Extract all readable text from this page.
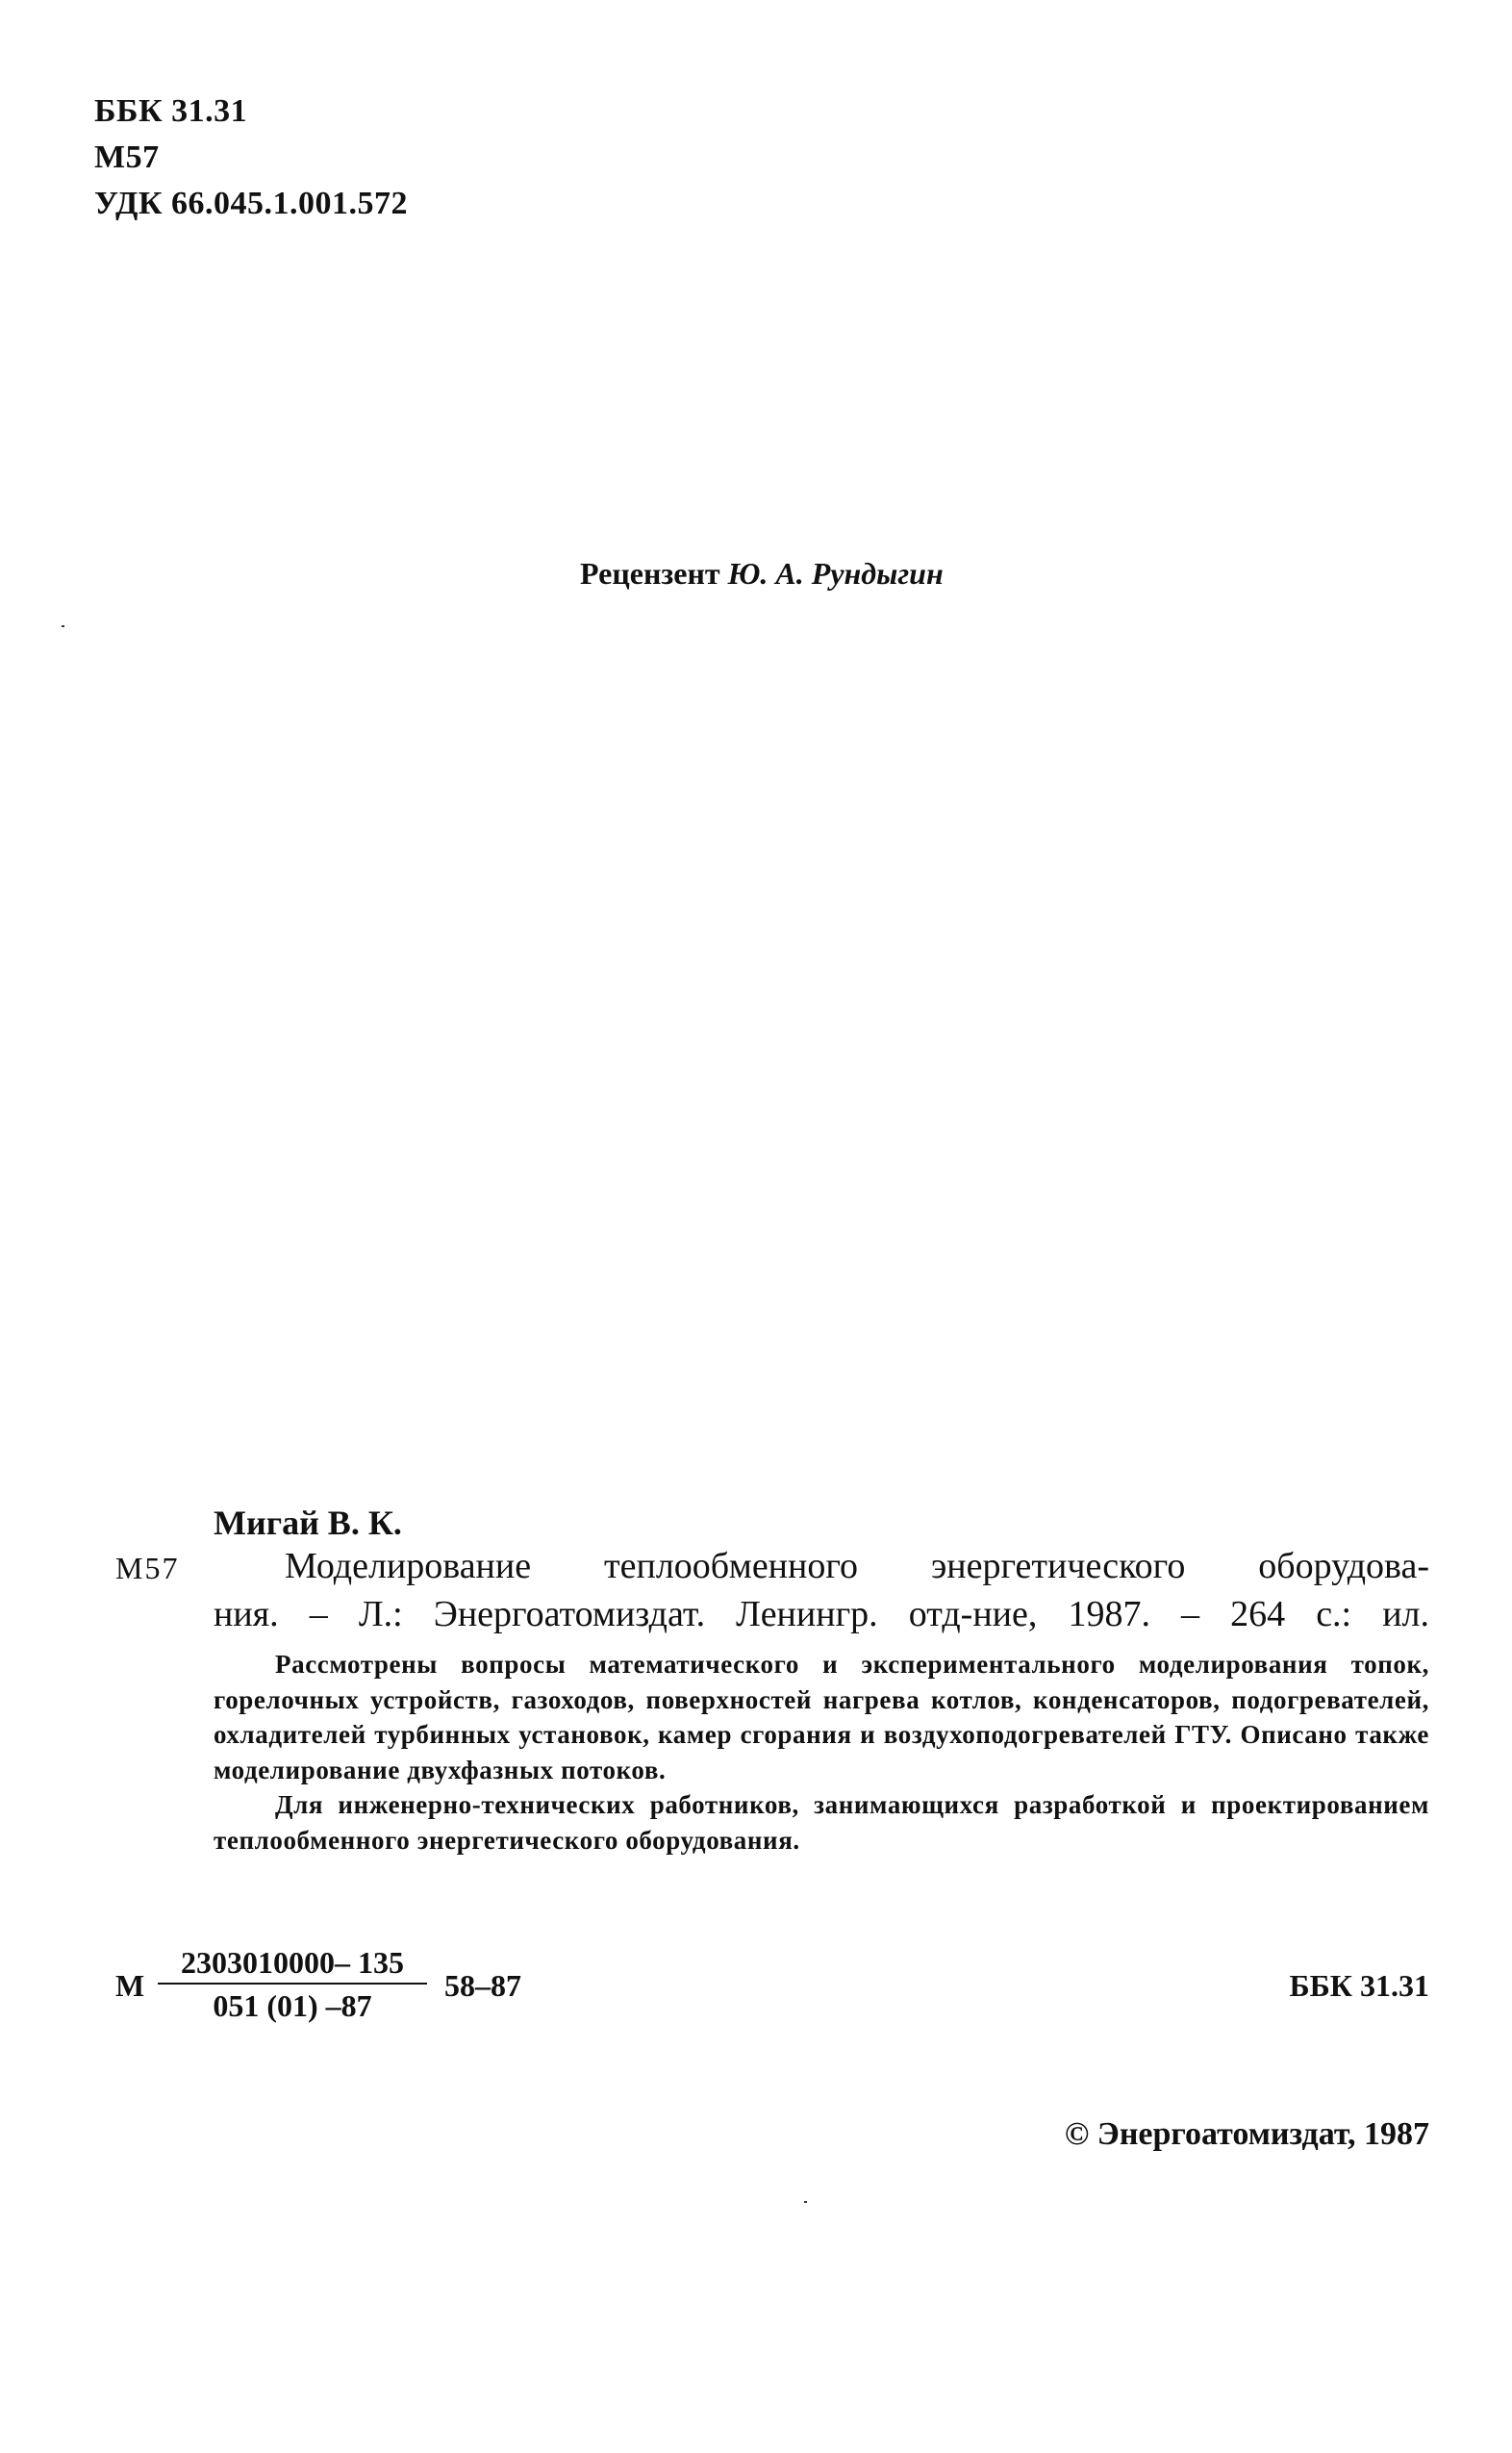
ББК 31.31
М57
УДК 66.045.1.001.572
Рецензент Ю. А. Рундыгин
Мигай В. К.
М57	Моделирование теплообменного энергетического оборудова-
ния. – Л.: Энергоатомиздат. Ленингр. отд-ние, 1987. – 264 с.: ил.

Рассмотрены вопросы математического и экспериментального моделирования топок, горелочных устройств, газоходов, поверхностей нагрева котлов, конденсаторов, подогревателей, охладителей турбинных установок, камер сгорания и воздухоподогревателей ГТУ. Описано также моделирование двухфазных потоков.

Для инженерно-технических работников, занимающихся разработкой и проектированием теплообменного энергетического оборудования.

М
2303010000– 135
051 (01) –87
58–87	ББК 31.31
© Энергоатомиздат, 1987
